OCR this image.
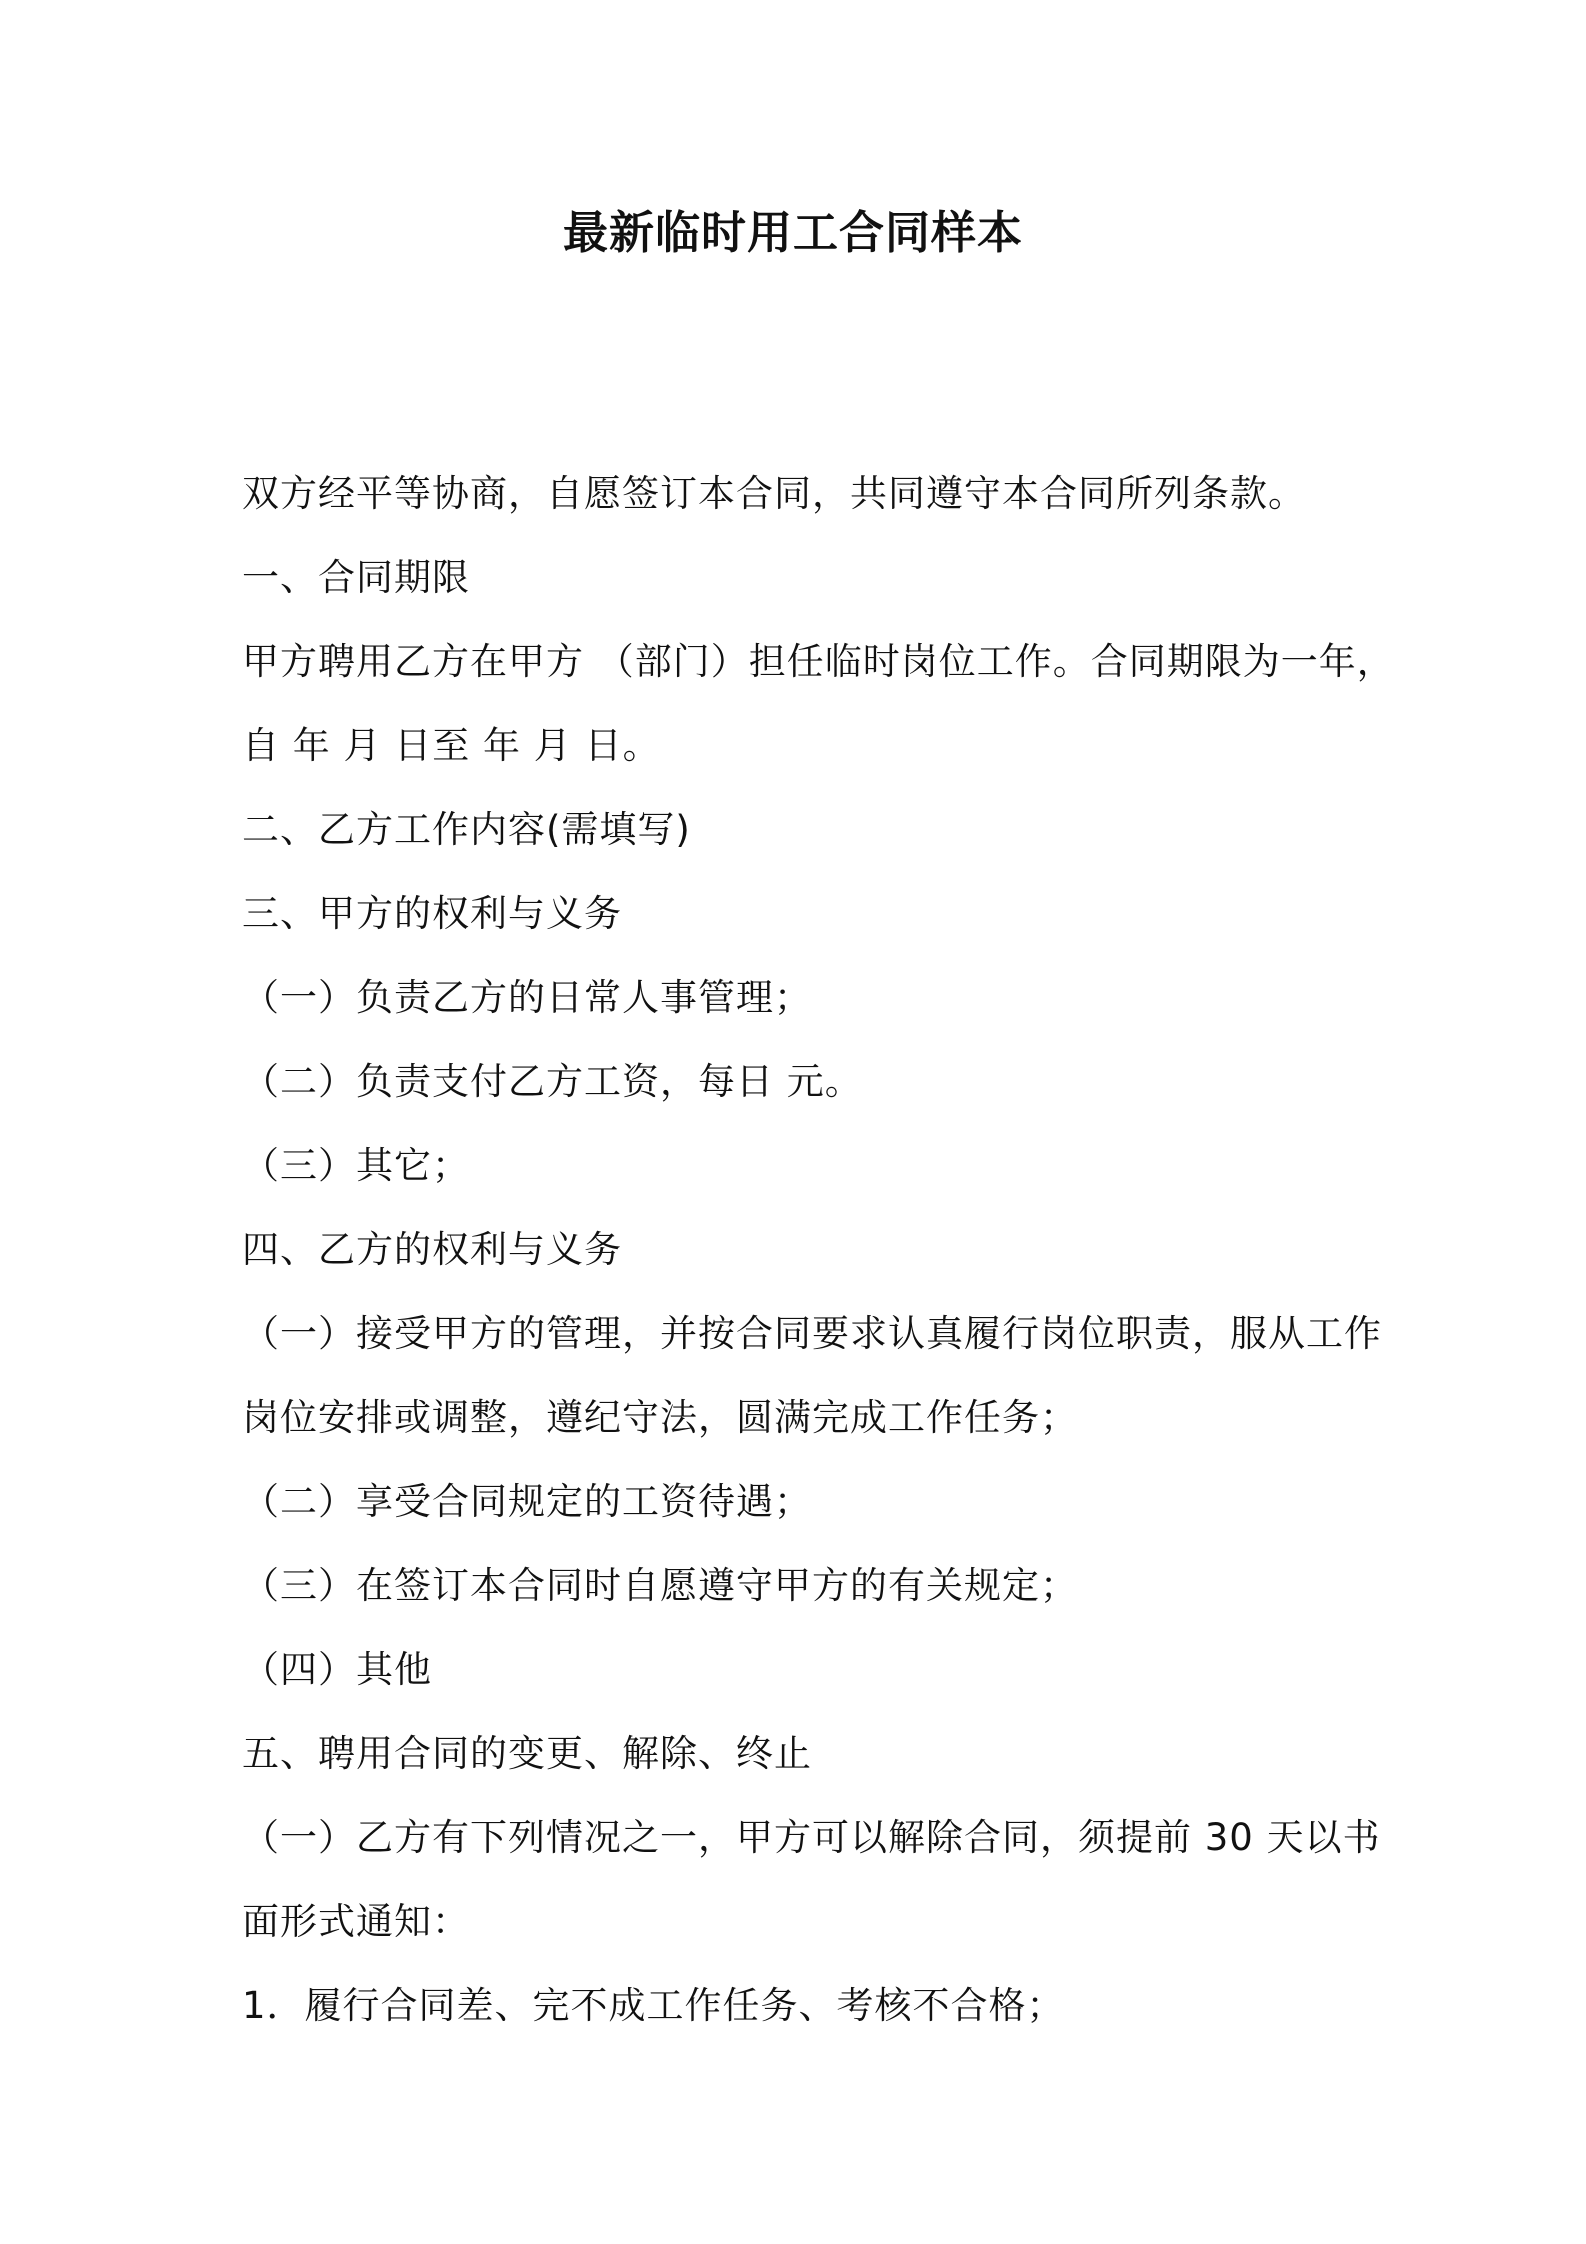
最新临时用工合同样本

双方经平等协商，自愿签订本合同，共同遵守本合同所列条款。

一、合同期限

甲方聘用乙方在甲方 （部门）担任临时岗位工作。合同期限为一年，

自 年 月 日至 年 月 日。

二、乙方工作内容(需填写)

三、甲方的权利与义务

（一）负责乙方的日常人事管理；

（二）负责支付乙方工资，每日 元。

（三）其它；

四、乙方的权利与义务

（一）接受甲方的管理，并按合同要求认真履行岗位职责，服从工作

岗位安排或调整，遵纪守法，圆满完成工作任务；

（二）享受合同规定的工资待遇；

（三）在签订本合同时自愿遵守甲方的有关规定；

（四）其他

五、聘用合同的变更、解除、终止

（一）乙方有下列情况之一，甲方可以解除合同，须提前 30 天以书

面形式通知：

1．履行合同差、完不成工作任务、考核不合格；
